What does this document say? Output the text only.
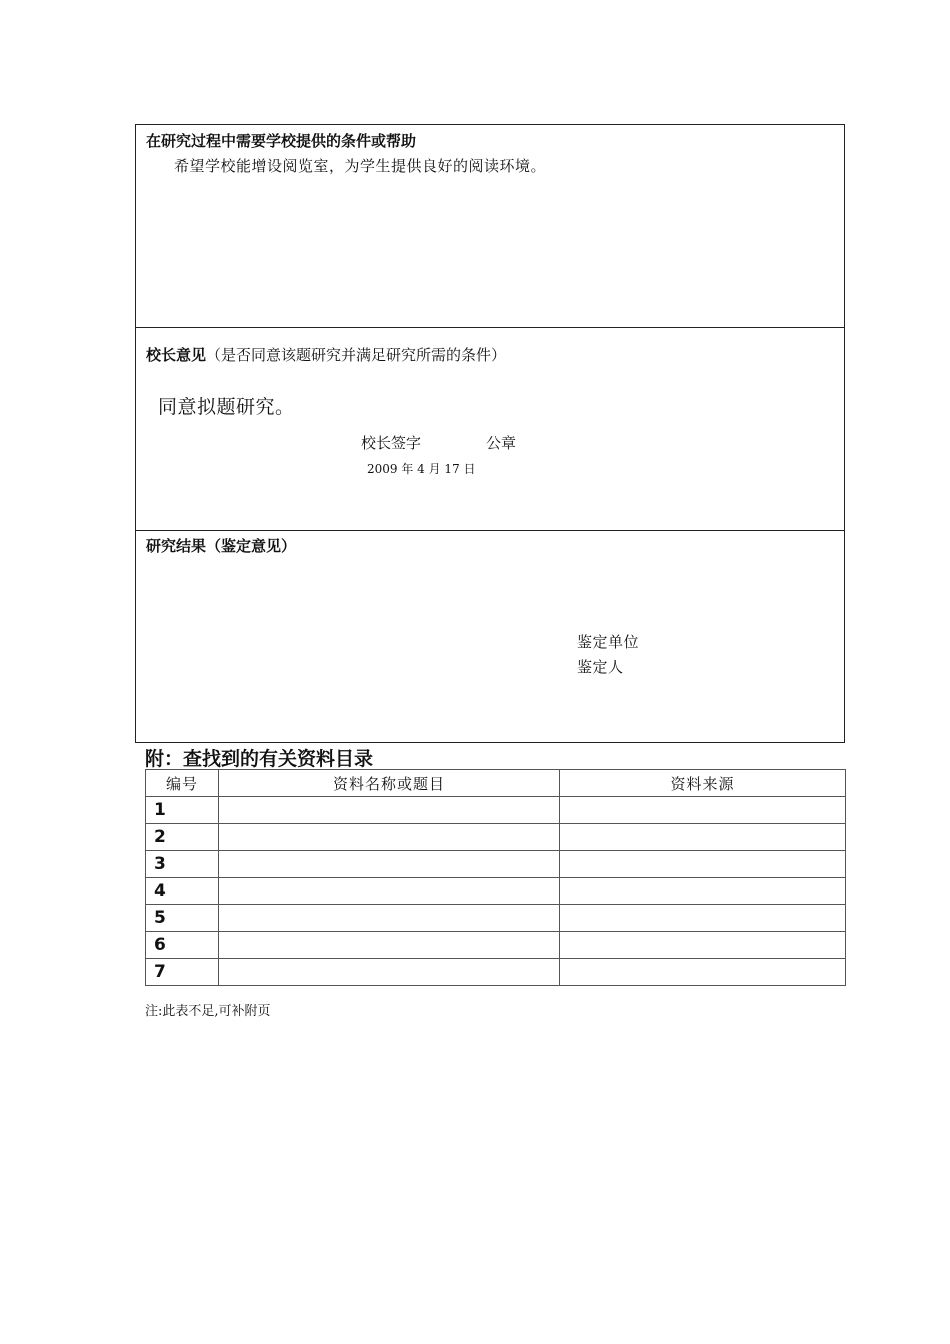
在研究过程中需要学校提供的条件或帮助
希望学校能增设阅览室，为学生提供良好的阅读环境。
校长意见（是否同意该题研究并满足研究所需的条件）
同意拟题研究。
校长签字	公章
2009 年 4 月 17 日
研究结果（鉴定意见）
鉴定单位
鉴定人
附：查找到的有关资料目录
编号	资料名称或题目	资料来源
1		
2		
3		
4		
5		
6		
7		
注:此表不足,可补附页
